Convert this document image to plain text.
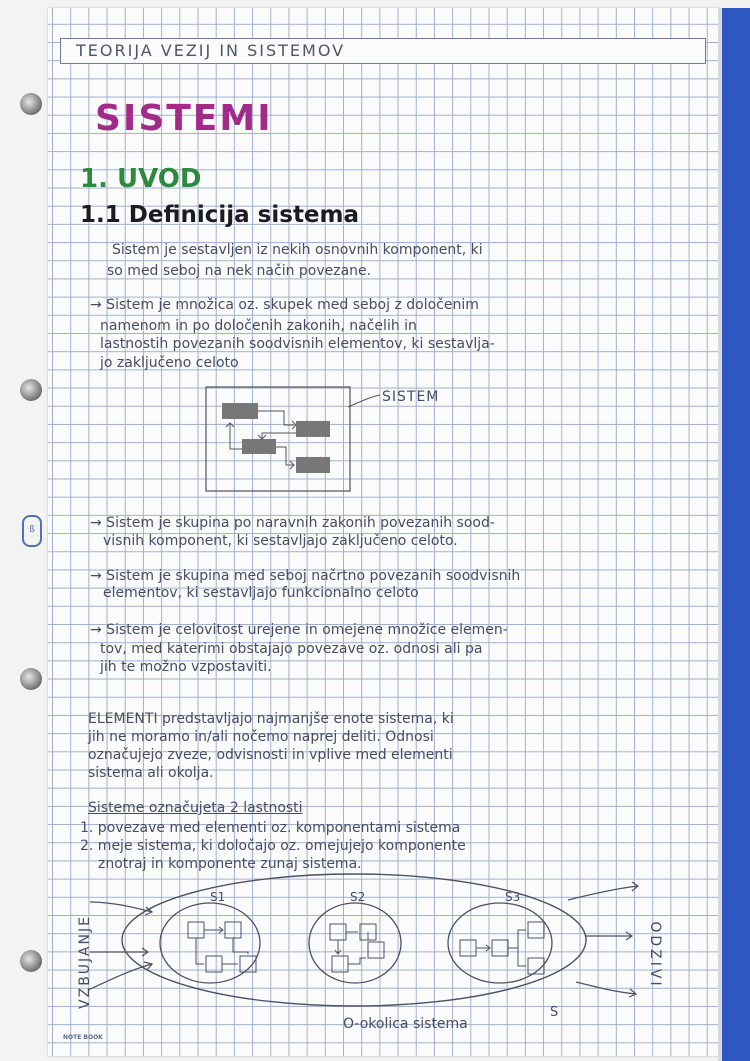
ß
TEORIJA VEZIJ IN SISTEMOV
SISTEMI
1. UVOD
1.1 Definicija sistema
Sistem je sestavljen iz nekih osnovnih komponent, ki
so med seboj na nek način povezane.
→ Sistem je množica oz. skupek med seboj z določenim
namenom in po določenih zakonih, načelih in
lastnostih povezanih soodvisnih elementov, ki sestavlja-
jo zaključeno celoto
SISTEM
→ Sistem je skupina po naravnih zakonih povezanih sood-
visnih komponent, ki sestavljajo zaključeno celoto.
→ Sistem je skupina med seboj načrtno povezanih soodvisnih
elementov, ki sestavljajo funkcionalno celoto
→ Sistem je celovitost urejene in omejene množice elemen-
tov, med katerimi obstajajo povezave oz. odnosi ali pa
jih te možno vzpostaviti.
ELEMENTI predstavljajo najmanjše enote sistema, ki
jih ne moramo in/ali nočemo naprej deliti. Odnosi
označujejo zveze, odvisnosti in vplive med elementi
sistema ali okolja.
Sisteme označujeta 2 lastnosti
1. povezave med elementi oz. komponentami sistema
2. meje sistema, ki določajo oz. omejujejo komponente
znotraj in komponente zunaj sistema.
S1	S2	S3
S
O-okolica sistema
VZBUJANJE	ODZIVI
NOTE BOOK
